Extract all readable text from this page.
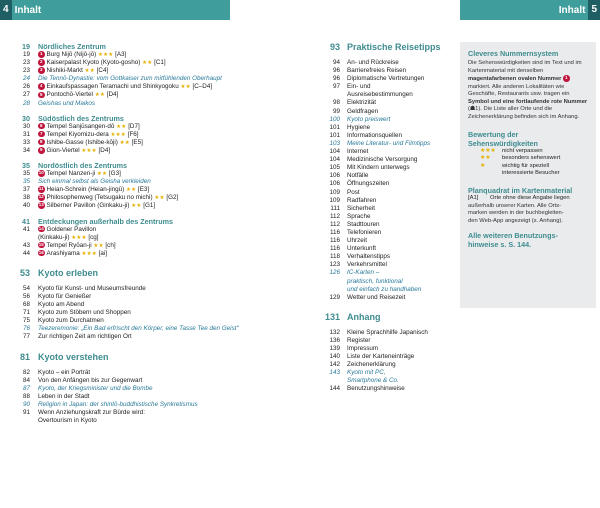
4 Inhalt	Inhalt 5
19	Nördliches Zentrum
19	1 Burg Nijō (Nijō-jō) ★★★ [A3]
23	2 Kaiserpalast Kyoto (Kyoto-gosho) ★★ [C1]
23	3 Nishiki-Markt ★★ [C4]
24	Die Tennō-Dynastie: vom Gottkaiser zum mitfühlenden Oberhaupt
26	4 Einkaufspassagen Teramachi und Shinkyogoku ★★ [C–D4]
27	5 Pontochō-Viertel ★★ [D4]
28	Geishas und Maikos
30	Südöstlich des Zentrums
30	6 Tempel Sanjūsangen-dō ★★ [D7]
31	7 Tempel Kiyomizu-dera ★★★ [F6]
33	8 Ishibe-Gasse (Ishibe-kōji) ★★ [E5]
34	9 Gion-Viertel ★★★ [D4]
35	Nordöstlich des Zentrums
35	10 Tempel Nanzen-ji ★★ [G3]
35	Sich einmal selbst als Geisha verkleiden
37	11 Heian-Schrein (Heian-jingū) ★★ [E3]
38	12 Philosophenweg (Tetsugaku no michi) ★★ [G2]
40	13 Silberner Pavillon (Ginkaku-ji) ★★ [G1]
41	Entdeckungen außerhalb des Zentrums
41	14 Goldener Pavillon
(Kinkaku-ji) ★★★ [cg]
43	15 Tempel Ryōan-ji ★★ [ch]
44	16 Arashiyama ★★★ [ai]
53 Kyoto erleben
54	Kyoto für Kunst- und Museumsfreunde
56	Kyoto für Genießer
68	Kyoto am Abend
71	Kyoto zum Stöbern und Shoppen
75	Kyoto zum Durchatmen
76	Teezeremonie: „Ein Bad erfrischt den Körper, eine Tasse Tee den Geist“
77	Zur richtigen Zeit am richtigen Ort
81 Kyoto verstehen
82	Kyoto – ein Porträt
84	Von den Anfängen bis zur Gegenwart
87	Kyoto, der Kriegsminister und die Bombe
88	Leben in der Stadt
90	Religion in Japan: der shintō-buddhistische Synkretismus
91	Wenn Anziehungskraft zur Bürde wird:
Overtourism in Kyoto
93 Praktische Reisetipps
94	An- und Rückreise
96	Barrierefreies Reisen
96	Diplomatische Vertretungen
97	Ein- und
Ausreisebestimmungen
98	Elektrizität
99	Geldfragen
100	Kyoto preiswert
101	Hygiene
101	Informationsquellen
103	Meine Literatur- und Filmtipps
104	Internet
104	Medizinische Versorgung
105	Mit Kindern unterwegs
106	Notfälle
106	Öffnungszeiten
109	Post
109	Radfahren
111	Sicherheit
112	Sprache
112	Stadttouren
116	Telefonieren
116	Uhrzeit
116	Unterkunft
118	Verhaltenstipps
123	Verkehrsmittel
126	IC-Karten –
praktisch, funktional
und einfach zu handhaben
129	Wetter und Reisezeit
131 Anhang
132	Kleine Sprachhilfe Japanisch
136	Register
139	Impressum
140	Liste der Karteneinträge
142	Zeichenerklärung
143	Kyoto mit PC,
Smartphone & Co.
144	Benutzungshinweise
Cleveres Nummernsystem
Die Sehenswürdigkeiten sind im Text und im Kartenmaterial mit denselben magentafarbenen ovalen Nummer 1 markiert. Alle anderen Lokalitäten wie Geschäfte, Restaurants usw. tragen ein Symbol und eine fortlaufende rote Nummer (☗1). Die Liste aller Orte und die Zeichenerklärung befinden sich im Anhang.
Bewertung der
Sehenswürdigkeiten
★★★	nicht verpassen
★★	besonders sehenswert
★	wichtig für speziell
interessierte Besucher
Planquadrat im Kartenmaterial
[A1]	Orte ohne diese Angabe liegen
außerhalb unserer Karten. Alle Orts-
marken werden in der buchbegleiten-
den Web-App angezeigt (s. Anhang).
Alle weiteren Benutzungs-
hinweise s. S. 144.
